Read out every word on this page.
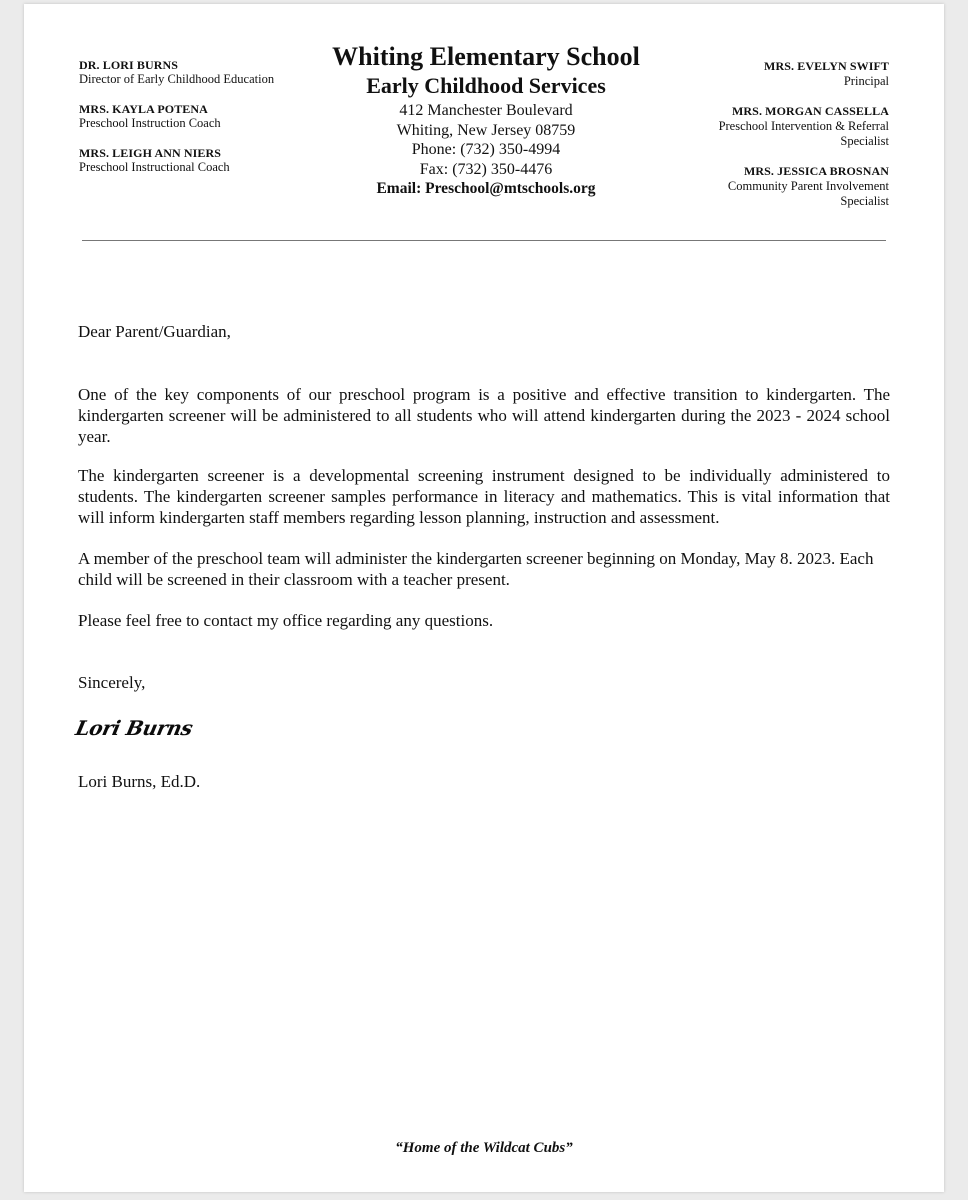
DR. LORI BURNS
Director of Early Childhood Education
MRS. KAYLA POTENA
Preschool Instruction Coach
MRS. LEIGH ANN NIERS
Preschool Instructional Coach
Whiting Elementary School
Early Childhood Services
412 Manchester Boulevard
Whiting, New Jersey 08759
Phone: (732) 350-4994
Fax: (732) 350-4476
Email: Preschool@mtschools.org
MRS. EVELYN SWIFT
Principal
MRS. MORGAN CASSELLA
Preschool Intervention & Referral
Specialist
MRS. JESSICA BROSNAN
Community Parent Involvement
Specialist
Dear Parent/Guardian,
One of the key components of our preschool program is a positive and effective transition to kindergarten. The kindergarten screener will be administered to all students who will attend kindergarten during the 2023 - 2024 school year.
The kindergarten screener is a developmental screening instrument designed to be individually administered to students. The kindergarten screener samples performance in literacy and mathematics. This is vital information that will inform kindergarten staff members regarding lesson planning, instruction and assessment.
A member of the preschool team will administer the kindergarten screener beginning on Monday, May 8. 2023. Each child will be screened in their classroom with a teacher present.
Please feel free to contact my office regarding any questions.
Sincerely,
Lori Burns
Lori Burns, Ed.D.
“Home of the Wildcat Cubs”
